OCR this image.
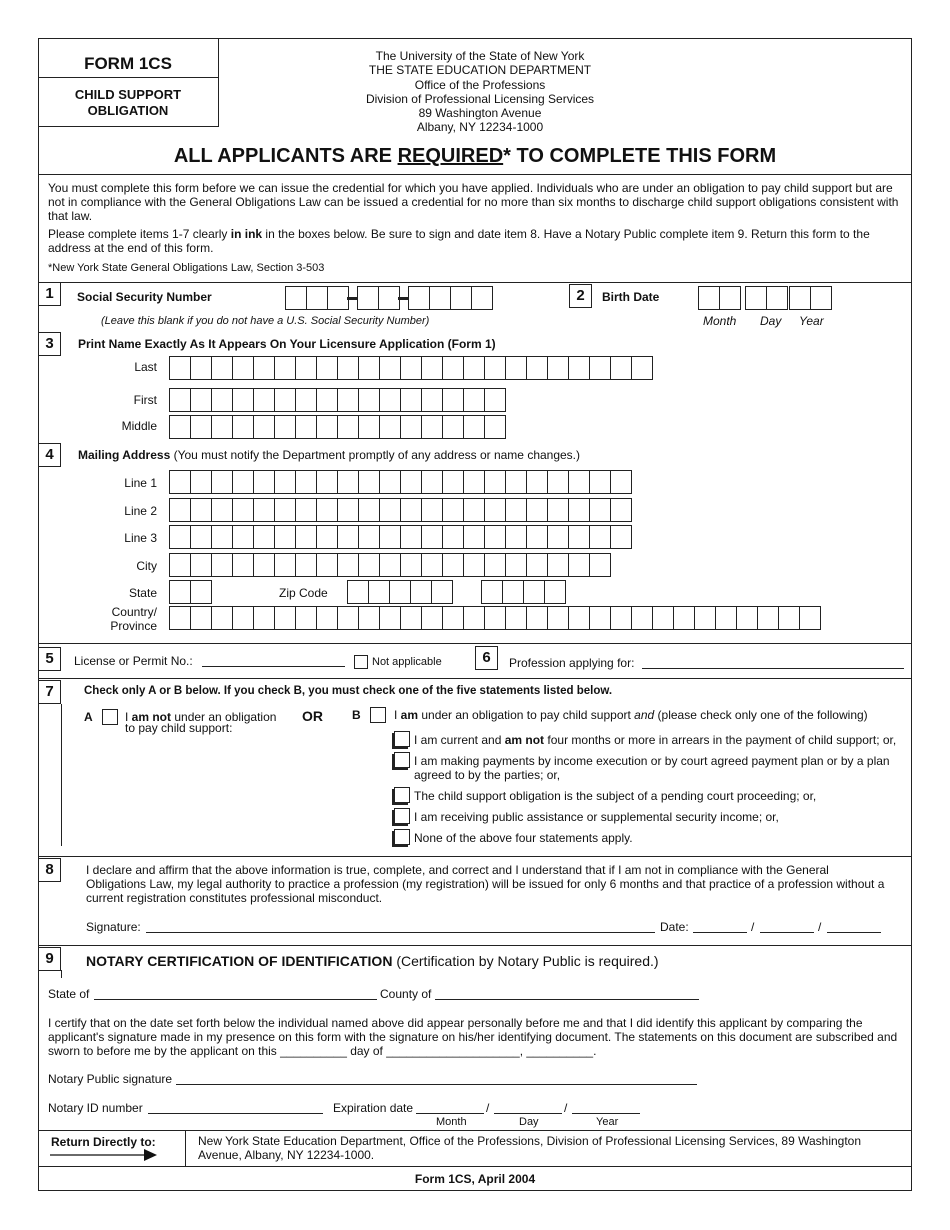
FORM 1CS
CHILD SUPPORT
OBLIGATION
The University of the State of New York
THE STATE EDUCATION DEPARTMENT
Office of the Professions
Division of Professional Licensing Services
89 Washington Avenue
Albany, NY 12234-1000
ALL APPLICANTS ARE REQUIRED* TO COMPLETE THIS FORM
You must complete this form before we can issue the credential for which you have applied. Individuals who are under an obligation to pay child support but are not in compliance with the General Obligations Law can be issued a credential for no more than six months to discharge child support obligations consistent with that law.
Please complete items 1-7 clearly in ink in the boxes below. Be sure to sign and date item 8. Have a Notary Public complete item 9. Return this form to the address at the end of this form.
*New York State General Obligations Law, Section 3-503
1	Social Security Number
(Leave this blank if you do not have a U.S. Social Security Number)
2	Birth Date
Month Day Year
3	Print Name Exactly As It Appears On Your Licensure Application (Form 1)
Last
First
Middle
4	Mailing Address (You must notify the Department promptly of any address or name changes.)
Line 1
Line 2
Line 3
City
State	Zip Code
Country/
Province
5	License or Permit No.:	Not applicable	6	Profession applying for:
7	Check only A or B below. If you check B, you must check one of the five statements listed below.
A	I am not under an obligation
to pay child support:
OR B	I am under an obligation to pay child support and (please check only one of the following)
I am current and am not four months or more in arrears in the payment of child support; or,
I am making payments by income execution or by court agreed payment plan or by a plan agreed to by the parties; or,
The child support obligation is the subject of a pending court proceeding; or,
I am receiving public assistance or supplemental security income; or,
None of the above four statements apply.
8	I declare and affirm that the above information is true, complete, and correct and I understand that if I am not in compliance with the General Obligations Law, my legal authority to practice a profession (my registration) will be issued for only 6 months and that practice of a profession without a current registration constitutes professional misconduct.
Signature:	Date:	/	/
9	NOTARY CERTIFICATION OF IDENTIFICATION (Certification by Notary Public is required.)
State of	County of
I certify that on the date set forth below the individual named above did appear personally before me and that I did identify this applicant by comparing the applicant's signature made in my presence on this form with the signature on his/her identifying document. The statements on this document are subscribed and sworn to before me by the applicant on this __________ day of ____________________, __________.
Notary Public signature
Notary ID number	Expiration date	/	/
Month	Day	Year
Return Directly to:	New York State Education Department, Office of the Professions, Division of Professional Licensing Services, 89 Washington Avenue, Albany, NY 12234-1000.
Form 1CS, April 2004
